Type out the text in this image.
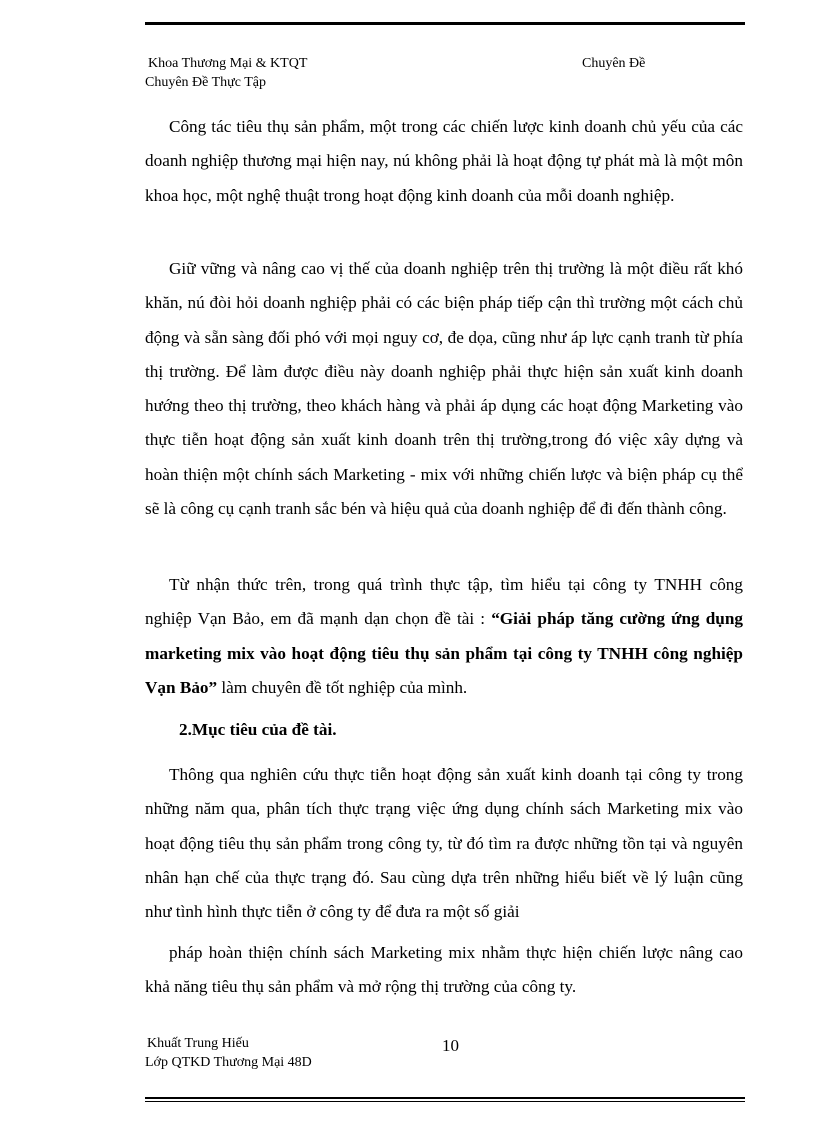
Khoa Thương Mại & KTQT	Chuyên Đề
Chuyên Đề Thực Tập

Công tác tiêu thụ sản phẩm, một trong các chiến lược kinh doanh chủ yếu của các doanh nghiệp thương mại hiện nay, nú không phải là hoạt động tự phát mà là một môn khoa học, một nghệ thuật trong hoạt động kinh doanh của mỗi doanh nghiệp.

Giữ vững và nâng cao vị thế của doanh nghiệp trên thị trường là một điều rất khó khăn, nú đòi hỏi doanh nghiệp phải có các biện pháp tiếp cận thì trường một cách chủ động và sẵn sàng đối phó với mọi nguy cơ, đe dọa, cũng như áp lực cạnh tranh từ phía thị trường. Để làm được điều này doanh nghiệp phải thực hiện sản xuất kinh doanh hướng theo thị trường, theo khách hàng và phải áp dụng các hoạt động Marketing vào thực tiễn hoạt động sản xuất kinh doanh trên thị trường,trong đó việc xây dựng và hoàn thiện một chính sách Marketing - mix với những chiến lược và biện pháp cụ thể sẽ là công cụ cạnh tranh sắc bén và hiệu quả của doanh nghiệp để đi đến thành công.

Từ nhận thức trên, trong quá trình thực tập, tìm hiểu tại công ty TNHH công nghiệp Vạn Bảo, em đã mạnh dạn chọn đề tài : “Giải pháp tăng cường ứng dụng marketing mix vào hoạt động tiêu thụ sản phẩm tại công ty TNHH công nghiệp Vạn Bảo” làm chuyên đề tốt nghiệp của mình.

2.Mục tiêu của đề tài.

Thông qua nghiên cứu thực tiễn hoạt động sản xuất kinh doanh tại công ty trong những năm qua, phân tích thực trạng việc ứng dụng chính sách Marketing mix vào hoạt động tiêu thụ sản phẩm trong công ty, từ đó tìm ra được những tồn tại và nguyên nhân hạn chế của thực trạng đó. Sau cùng dựa trên những hiểu biết về lý luận cũng như tình hình thực tiễn ở công ty để đưa ra một số giải

pháp hoàn thiện chính sách Marketing mix nhằm thực hiện chiến lược nâng cao khả năng tiêu thụ sản phẩm và mở rộng thị trường của công ty.

Khuất Trung Hiếu
Lớp QTKD Thương Mại 48D
10
